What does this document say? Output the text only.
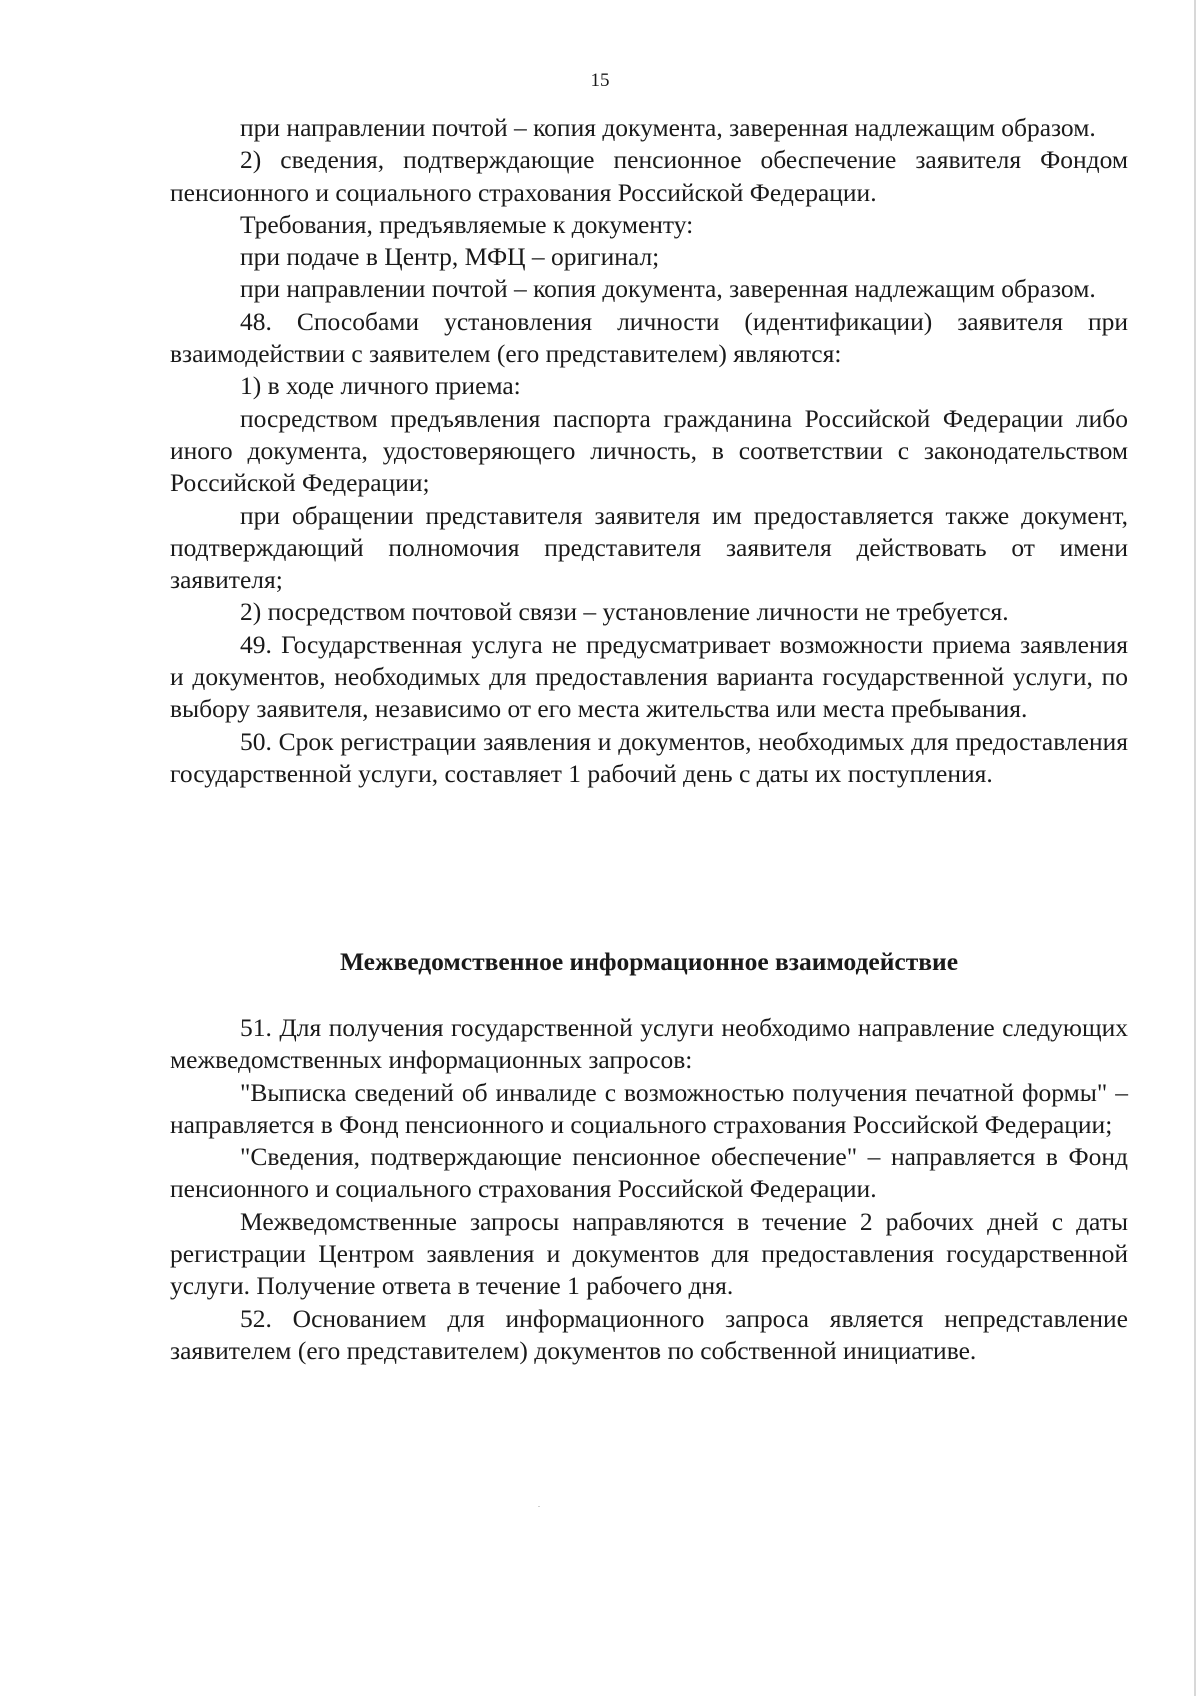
15

при направлении почтой – копия документа, заверенная надлежащим образом.

2) сведения, подтверждающие пенсионное обеспечение заявителя Фондом пенсионного и социального страхования Российской Федерации.

Требования, предъявляемые к документу:

при подаче в Центр, МФЦ – оригинал;

при направлении почтой – копия документа, заверенная надлежащим образом.

48. Способами установления личности (идентификации) заявителя при взаимодействии с заявителем (его представителем) являются:

1) в ходе личного приема:

посредством предъявления паспорта гражданина Российской Федерации либо иного документа, удостоверяющего личность, в соответствии с законодательством Российской Федерации;

при обращении представителя заявителя им предоставляется также документ, подтверждающий полномочия представителя заявителя действовать от имени заявителя;

2) посредством почтовой связи – установление личности не требуется.

49. Государственная услуга не предусматривает возможности приема заявления и документов, необходимых для предоставления варианта государственной услуги, по выбору заявителя, независимо от его места жительства или места пребывания.

50. Срок регистрации заявления и документов, необходимых для предоставления государственной услуги, составляет 1 рабочий день с даты их поступления.

Межведомственное информационное взаимодействие

51. Для получения государственной услуги необходимо направление следующих межведомственных информационных запросов:

"Выписка сведений об инвалиде с возможностью получения печатной формы" – направляется в Фонд пенсионного и социального страхования Российской Федерации;

"Сведения, подтверждающие пенсионное обеспечение" – направляется в Фонд пенсионного и социального страхования Российской Федерации.

Межведомственные запросы направляются в течение 2 рабочих дней с даты регистрации Центром заявления и документов для предоставления государственной услуги. Получение ответа в течение 1 рабочего дня.

52. Основанием для информационного запроса является непредставление заявителем (его представителем) документов по собственной инициативе.
